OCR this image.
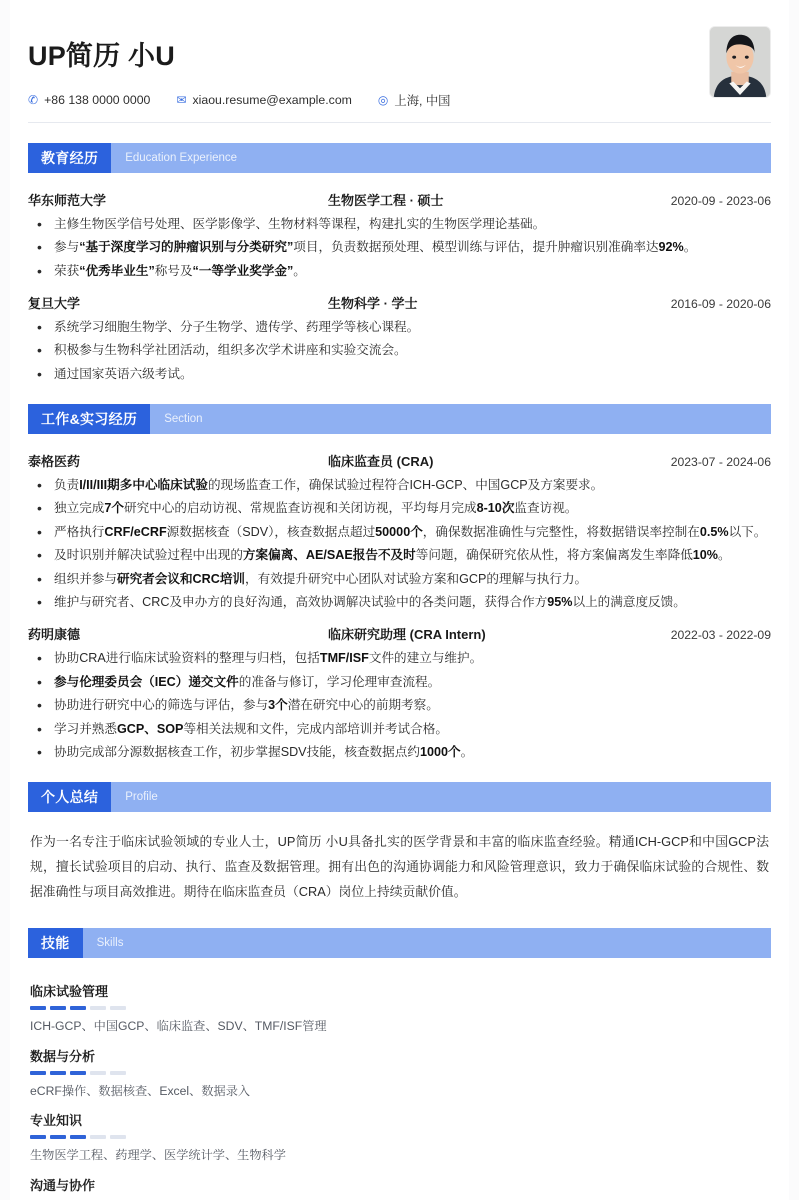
UP简历 小U
✆ +86 138 0000 0000 ✉ xiaou.resume@example.com ◎ 上海, 中国
教育经历	Education Experience
华东师范大学	生物医学工程 · 硕士	2020-09 - 2023-06
• 主修生物医学信号处理、医学影像学、生物材料等课程，构建扎实的生物医学理论基础。
• 参与“基于深度学习的肿瘤识别与分类研究”项目，负责数据预处理、模型训练与评估，提升肿瘤识别准确率达92%。
• 荣获“优秀毕业生”称号及“一等学业奖学金”。
复旦大学	生物科学 · 学士	2016-09 - 2020-06
• 系统学习细胞生物学、分子生物学、遗传学、药理学等核心课程。
• 积极参与生物科学社团活动，组织多次学术讲座和实验交流会。
• 通过国家英语六级考试。
工作&实习经历	Section
泰格医药	临床监查员 (CRA)	2023-07 - 2024-06
• 负责I/II/III期多中心临床试验的现场监查工作，确保试验过程符合ICH-GCP、中国GCP及方案要求。
• 独立完成7个研究中心的启动访视、常规监查访视和关闭访视，平均每月完成8-10次监查访视。
• 严格执行CRF/eCRF源数据核查（SDV），核查数据点超过50000个，确保数据准确性与完整性，将数据错误率控制在0.5%以下。
• 及时识别并解决试验过程中出现的方案偏离、AE/SAE报告不及时等问题，确保研究依从性，将方案偏离发生率降低10%。
• 组织并参与研究者会议和CRC培训，有效提升研究中心团队对试验方案和GCP的理解与执行力。
• 维护与研究者、CRC及申办方的良好沟通，高效协调解决试验中的各类问题，获得合作方95%以上的满意度反馈。
药明康德	临床研究助理 (CRA Intern)	2022-03 - 2022-09
• 协助CRA进行临床试验资料的整理与归档，包括TMF/ISF文件的建立与维护。
• 参与伦理委员会（IEC）递交文件的准备与修订，学习伦理审查流程。
• 协助进行研究中心的筛选与评估，参与3个潜在研究中心的前期考察。
• 学习并熟悉GCP、SOP等相关法规和文件，完成内部培训并考试合格。
• 协助完成部分源数据核查工作，初步掌握SDV技能，核查数据点约1000个。
个人总结	Profile
作为一名专注于临床试验领域的专业人士，UP简历 小U具备扎实的医学背景和丰富的临床监查经验。精通ICH-GCP和中国GCP法规，擅长试验项目的启动、执行、监查及数据管理。拥有出色的沟通协调能力和风险管理意识，致力于确保临床试验的合规性、数据准确性与项目高效推进。期待在临床监查员（CRA）岗位上持续贡献价值。
技能	Skills
临床试验管理
ICH-GCP、中国GCP、临床监查、SDV、TMF/ISF管理
数据与分析
eCRF操作、数据核查、Excel、数据录入
专业知识
生物医学工程、药理学、医学统计学、生物科学
沟通与协作
